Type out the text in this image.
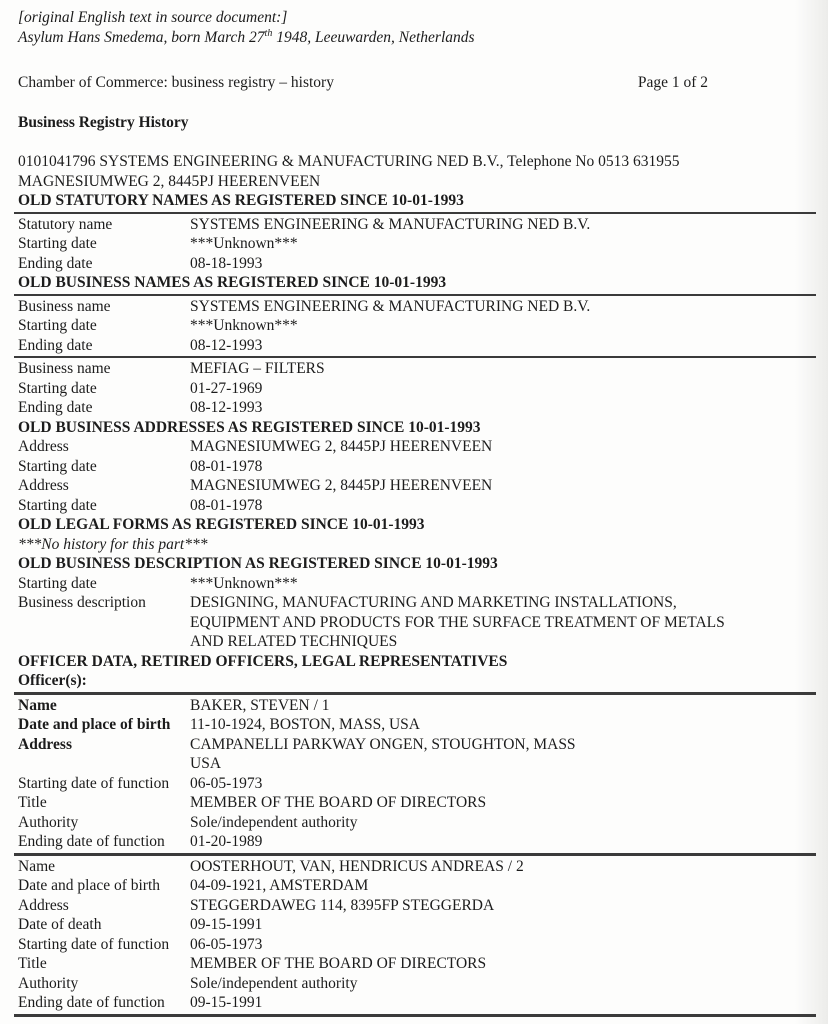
[original English text in source document:]

Asylum Hans Smedema, born March 27th 1948, Leeuwarden, Netherlands

Chamber of Commerce: business registry – history	Page 1 of 2

Business Registry History

0101041796 SYSTEMS ENGINEERING & MANUFACTURING NED B.V., Telephone No 0513 631955

MAGNESIUMWEG 2, 8445PJ HEERENVEEN

OLD STATUTORY NAMES AS REGISTERED SINCE 10-01-1993

Statutory name	SYSTEMS ENGINEERING & MANUFACTURING NED B.V.
Starting date	***Unknown***
Ending date	08-18-1993

OLD BUSINESS NAMES AS REGISTERED SINCE 10-01-1993

Business name	SYSTEMS ENGINEERING & MANUFACTURING NED B.V.
Starting date	***Unknown***
Ending date	08-12-1993
Business name	MEFIAG – FILTERS
Starting date	01-27-1969
Ending date	08-12-1993

OLD BUSINESS ADDRESSES AS REGISTERED SINCE 10-01-1993

Address	MAGNESIUMWEG 2, 8445PJ HEERENVEEN
Starting date	08-01-1978
Address	MAGNESIUMWEG 2, 8445PJ HEERENVEEN
Starting date	08-01-1978

OLD LEGAL FORMS AS REGISTERED SINCE 10-01-1993

***No history for this part***

OLD BUSINESS DESCRIPTION AS REGISTERED SINCE 10-01-1993

Starting date	***Unknown***
Business description	DESIGNING, MANUFACTURING AND MARKETING INSTALLATIONS,
EQUIPMENT AND PRODUCTS FOR THE SURFACE TREATMENT OF METALS
AND RELATED TECHNIQUES

OFFICER DATA, RETIRED OFFICERS, LEGAL REPRESENTATIVES

Officer(s):

Name	BAKER, STEVEN / 1
Date and place of birth	11-10-1924, BOSTON, MASS, USA
Address	CAMPANELLI PARKWAY ONGEN, STOUGHTON, MASS
USA
Starting date of function	06-05-1973
Title	MEMBER OF THE BOARD OF DIRECTORS
Authority	Sole/independent authority
Ending date of function	01-20-1989
Name	OOSTERHOUT, VAN, HENDRICUS ANDREAS / 2
Date and place of birth	04-09-1921, AMSTERDAM
Address	STEGGERDAWEG 114, 8395FP STEGGERDA
Date of death	09-15-1991
Starting date of function	06-05-1973
Title	MEMBER OF THE BOARD OF DIRECTORS
Authority	Sole/independent authority
Ending date of function	09-15-1991
